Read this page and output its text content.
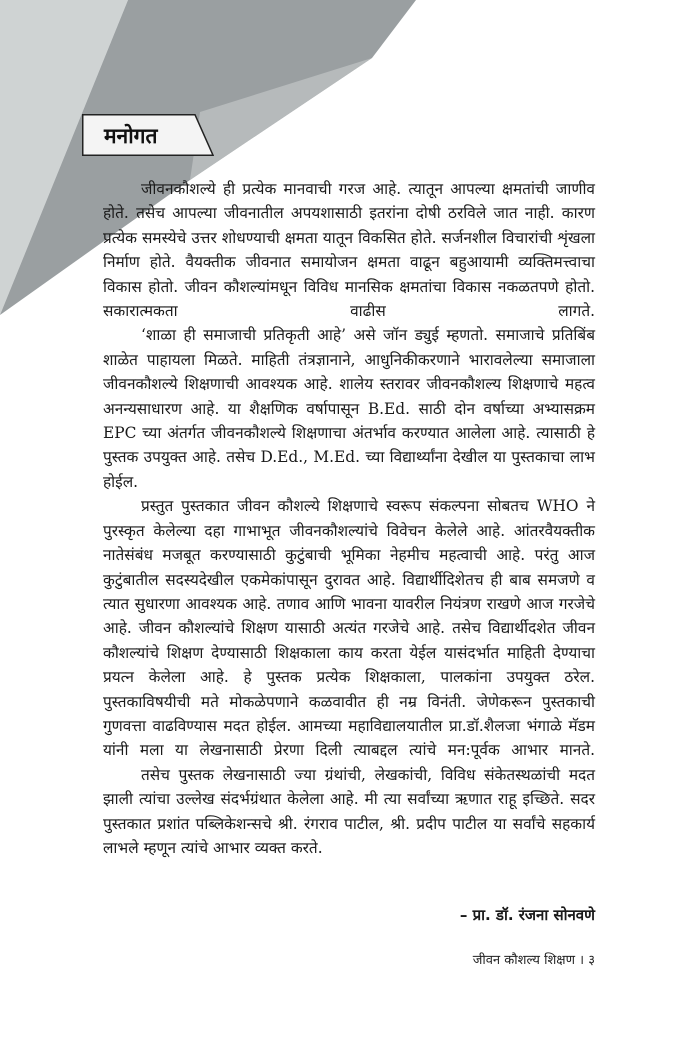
मनोगत

जीवनकौशल्ये ही प्रत्येक मानवाची गरज आहे. त्यातून आपल्या क्षमतांची जाणीव होते. तसेच आपल्या जीवनातील अपयशासाठी इतरांना दोषी ठरविले जात नाही. कारण प्रत्येक समस्येचे उत्तर शोधण्याची क्षमता यातून विकसित होते. सर्जनशील विचारांची शृंखला निर्माण होते. वैयक्तीक जीवनात समायोजन क्षमता वाढून बहुआयामी व्यक्तिमत्त्वाचा विकास होतो. जीवन कौशल्यांमधून विविध मानसिक क्षमतांचा विकास नकळतपणे होतो. सकारात्मकता वाढीस लागते.

‘शाळा ही समाजाची प्रतिकृती आहे’ असे जॉन ड्युई म्हणतो. समाजाचे प्रतिबिंब शाळेत पाहायला मिळते. माहिती तंत्रज्ञानाने, आधुनिकीकरणाने भारावलेल्या समाजाला जीवनकौशल्ये शिक्षणाची आवश्यक आहे. शालेय स्तरावर जीवनकौशल्य शिक्षणाचे महत्व अनन्यसाधारण आहे. या शैक्षणिक वर्षापासून B.Ed. साठी दोन वर्षाच्या अभ्यासक्रम EPC च्या अंतर्गत जीवनकौशल्ये शिक्षणाचा अंतर्भाव करण्यात आलेला आहे. त्यासाठी हे पुस्तक उपयुक्त आहे. तसेच D.Ed., M.Ed. च्या विद्यार्थ्यांना देखील या पुस्तकाचा लाभ होईल.

प्रस्तुत पुस्तकात जीवन कौशल्ये शिक्षणाचे स्वरूप संकल्पना सोबतच WHO ने पुरस्कृत केलेल्या दहा गाभाभूत जीवनकौशल्यांचे विवेचन केलेले आहे. आंतरवैयक्तीक नातेसंबंध मजबूत करण्यासाठी कुटुंबाची भूमिका नेहमीच महत्वाची आहे. परंतु आज कुटुंबातील सदस्यदेखील एकमेकांपासून दुरावत आहे. विद्यार्थीदिशेतच ही बाब समजणे व त्यात सुधारणा आवश्यक आहे. तणाव आणि भावना यावरील नियंत्रण राखणे आज गरजेचे आहे. जीवन कौशल्यांचे शिक्षण यासाठी अत्यंत गरजेचे आहे. तसेच विद्यार्थीदशेत जीवन कौशल्यांचे शिक्षण देण्यासाठी शिक्षकाला काय करता येईल यासंदर्भात माहिती देण्याचा प्रयत्न केलेला आहे. हे पुस्तक प्रत्येक शिक्षकाला, पालकांना उपयुक्त ठरेल. पुस्तकाविषयीची मते मोकळेपणाने कळवावीत ही नम्र विनंती. जेणेकरून पुस्तकाची गुणवत्ता वाढविण्यास मदत होईल. आमच्या महाविद्यालयातील प्रा.डॉ.शैलजा भंगाळे मॅडम यांनी मला या लेखनासाठी प्रेरणा दिली त्याबद्दल त्यांचे मन:पूर्वक आभार मानते.

तसेच पुस्तक लेखनासाठी ज्या ग्रंथांची, लेखकांची, विविध संकेतस्थळांची मदत झाली त्यांचा उल्लेख संदर्भग्रंथात केलेला आहे. मी त्या सर्वांच्या ऋणात राहू इच्छिते. सदर पुस्तकात प्रशांत पब्लिकेशन्सचे श्री. रंगराव पाटील, श्री. प्रदीप पाटील या सर्वांचे सहकार्य लाभले म्हणून त्यांचे आभार व्यक्त करते.

– प्रा. डॉ. रंजना सोनवणे
जीवन कौशल्य शिक्षण । ३
